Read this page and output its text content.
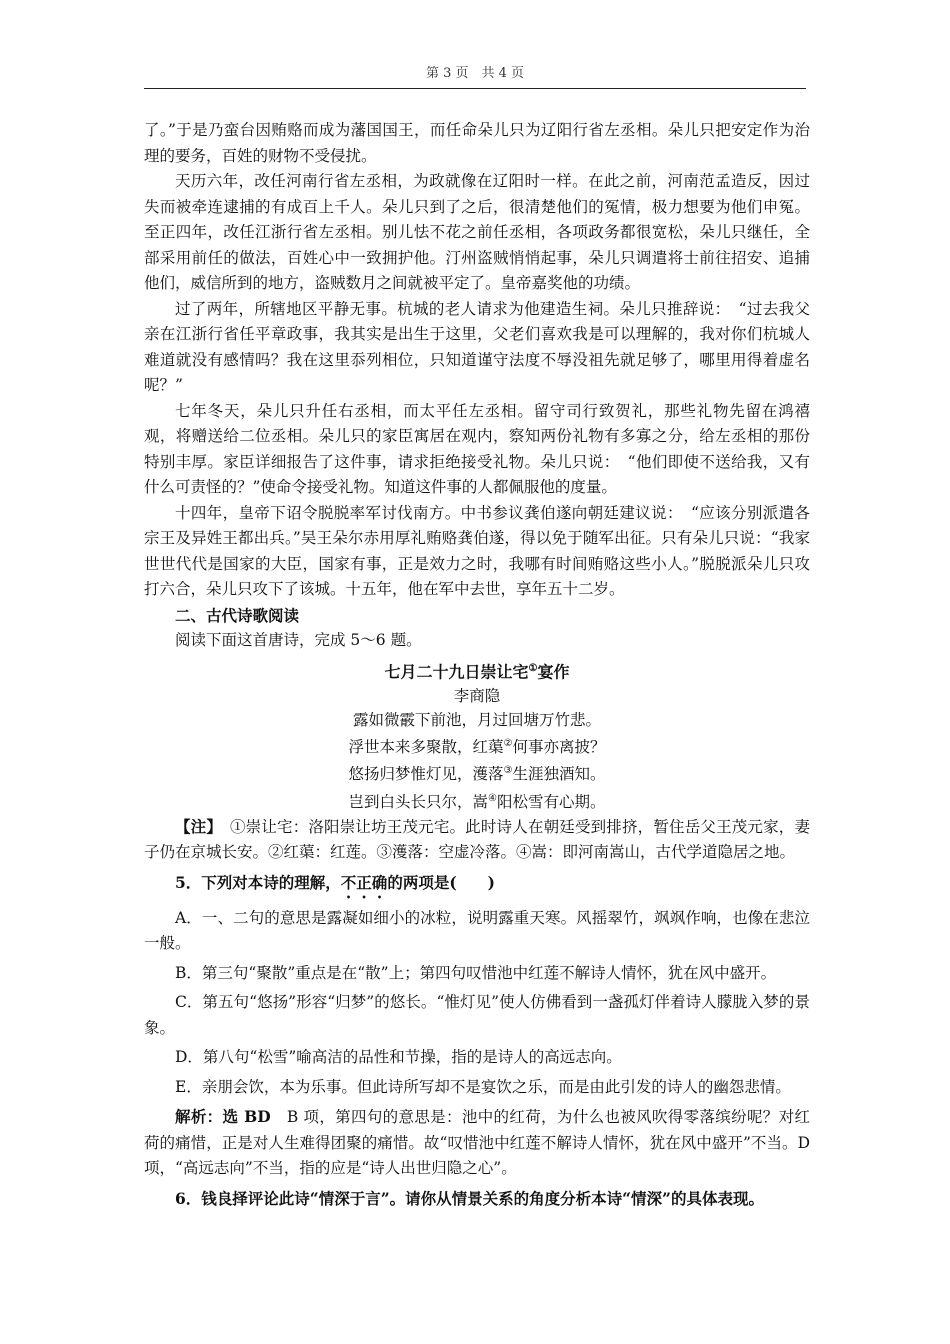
第 3 页　共 4 页

了。”于是乃蛮台因贿赂而成为藩国国王，而任命朵儿只为辽阳行省左丞相。朵儿只把安定作为治理的要务，百姓的财物不受侵扰。

天历六年，改任河南行省左丞相，为政就像在辽阳时一样。在此之前，河南范孟造反，因过失而被牵连逮捕的有成百上千人。朵儿只到了之后，很清楚他们的冤情，极力想要为他们申冤。至正四年，改任江浙行省左丞相。别儿怯不花之前任丞相，各项政务都很宽松，朵儿只继任，全部采用前任的做法，百姓心中一致拥护他。汀州盗贼悄悄起事，朵儿只调遣将士前往招安、追捕他们，威信所到的地方，盗贼数月之间就被平定了。皇帝嘉奖他的功绩。

过了两年，所辖地区平静无事。杭城的老人请求为他建造生祠。朵儿只推辞说：　“过去我父亲在江浙行省任平章政事，我其实是出生于这里，父老们喜欢我是可以理解的，我对你们杭城人难道就没有感情吗？我在这里忝列相位，只知道谨守法度不辱没祖先就足够了，哪里用得着虚名呢？”

七年冬天，朵儿只升任右丞相，而太平任左丞相。留守司行致贺礼，那些礼物先留在鸿禧观，将赠送给二位丞相。朵儿只的家臣寓居在观内，察知两份礼物有多寡之分，给左丞相的那份特别丰厚。家臣详细报告了这件事，请求拒绝接受礼物。朵儿只说：　“他们即使不送给我，又有什么可责怪的？”使命令接受礼物。知道这件事的人都佩服他的度量。

十四年，皇帝下诏令脱脱率军讨伐南方。中书参议龚伯遂向朝廷建议说：　“应该分别派遣各宗王及异姓王都出兵。”吴王朵尔赤用厚礼贿赂龚伯遂，得以免于随军出征。只有朵儿只说：“我家世世代代是国家的大臣，国家有事，正是效力之时，我哪有时间贿赂这些小人。”脱脱派朵儿只攻打六合，朵儿只攻下了该城。十五年，他在军中去世，享年五十二岁。

二、古代诗歌阅读

阅读下面这首唐诗，完成 5～6 题。

七月二十九日崇让宅①宴作

李商隐

露如微霰下前池，月过回塘万竹悲。

浮世本来多聚散，红蕖②何事亦离披？

悠扬归梦惟灯见，濩落③生涯独酒知。

岂到白头长只尔，嵩④阳松雪有心期。

【注】　①崇让宅：洛阳崇让坊王茂元宅。此时诗人在朝廷受到排挤，暂住岳父王茂元家，妻子仍在京城长安。②红蕖：红莲。③濩落：空虚冷落。④嵩：即河南嵩山，古代学道隐居之地。

5．下列对本诗的理解，不正确的两项是(　　)

A．一、二句的意思是露凝如细小的冰粒，说明露重天寒。风摇翠竹，飒飒作响，也像在悲泣一般。

B．第三句“聚散”重点是在“散”上；第四句叹惜池中红莲不解诗人情怀，犹在风中盛开。

C．第五句“悠扬”形容“归梦”的悠长。“惟灯见”使人仿佛看到一盏孤灯伴着诗人朦胧入梦的景象。

D．第八句“松雪”喻高洁的品性和节操，指的是诗人的高远志向。

E．亲朋会饮，本为乐事。但此诗所写却不是宴饮之乐，而是由此引发的诗人的幽怨悲情。

解析：选 BD　B 项，第四句的意思是：池中的红荷，为什么也被风吹得零落缤纷呢？对红荷的痛惜，正是对人生难得团聚的痛惜。故“叹惜池中红莲不解诗人情怀，犹在风中盛开”不当。D 项，“高远志向”不当，指的应是“诗人出世归隐之心”。

6．钱良择评论此诗“情深于言”。请你从情景关系的角度分析本诗“情深”的具体表现。
